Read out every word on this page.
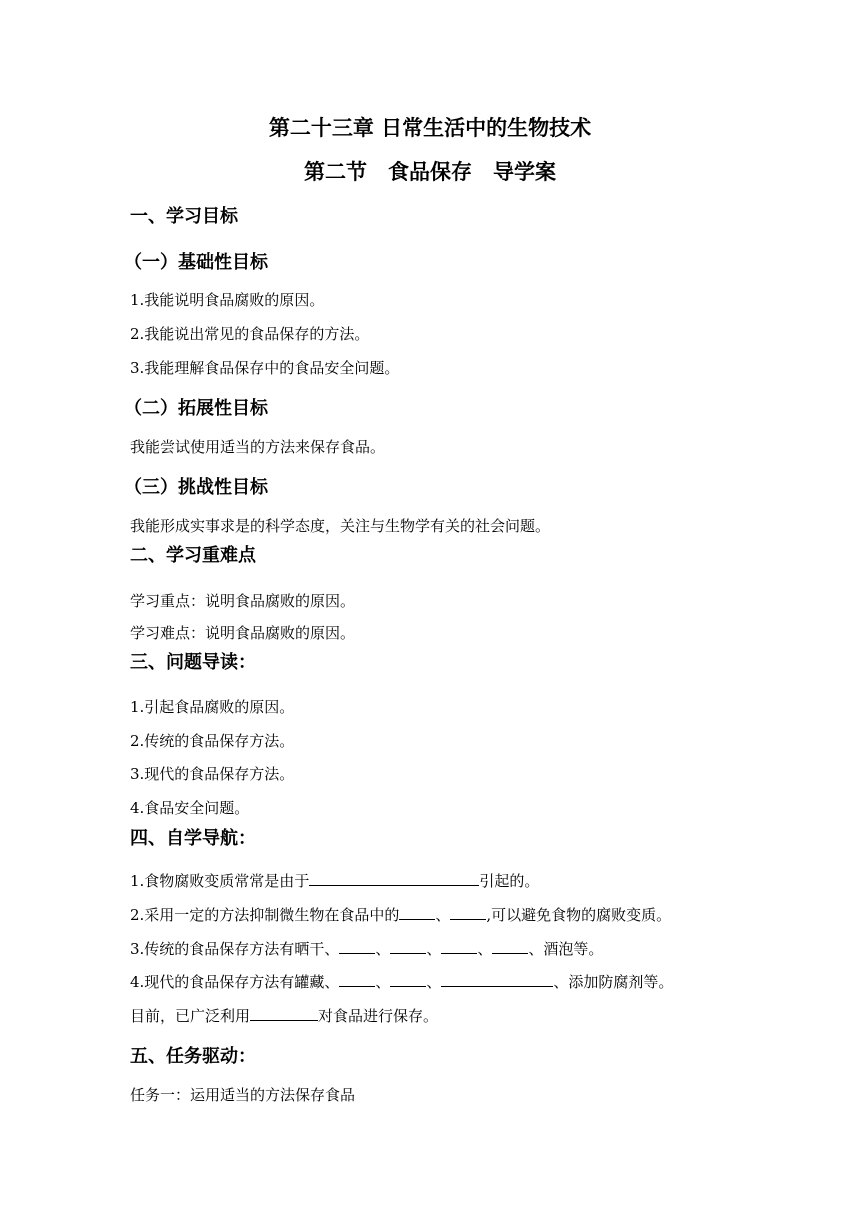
第二十三章 日常生活中的生物技术
第二节　食品保存　导学案
一、学习目标
（一）基础性目标
1.我能说明食品腐败的原因。
2.我能说出常见的食品保存的方法。
3.我能理解食品保存中的食品安全问题。
（二）拓展性目标
我能尝试使用适当的方法来保存食品。
（三）挑战性目标
我能形成实事求是的科学态度，关注与生物学有关的社会问题。
二、学习重难点
学习重点：说明食品腐败的原因。
学习难点：说明食品腐败的原因。
三、问题导读：
1.引起食品腐败的原因。
2.传统的食品保存方法。
3.现代的食品保存方法。
4.食品安全问题。
四、自学导航：
1.食物腐败变质常常是由于	引起的。
2.采用一定的方法抑制微生物在食品中的 、 ,可以避免食物的腐败变质。
3.传统的食品保存方法有晒干、 、 、 、 、酒泡等。
4.现代的食品保存方法有罐藏、 、 、	、添加防腐剂等。
目前，已广泛利用	对食品进行保存。
五、任务驱动：
任务一：运用适当的方法保存食品
